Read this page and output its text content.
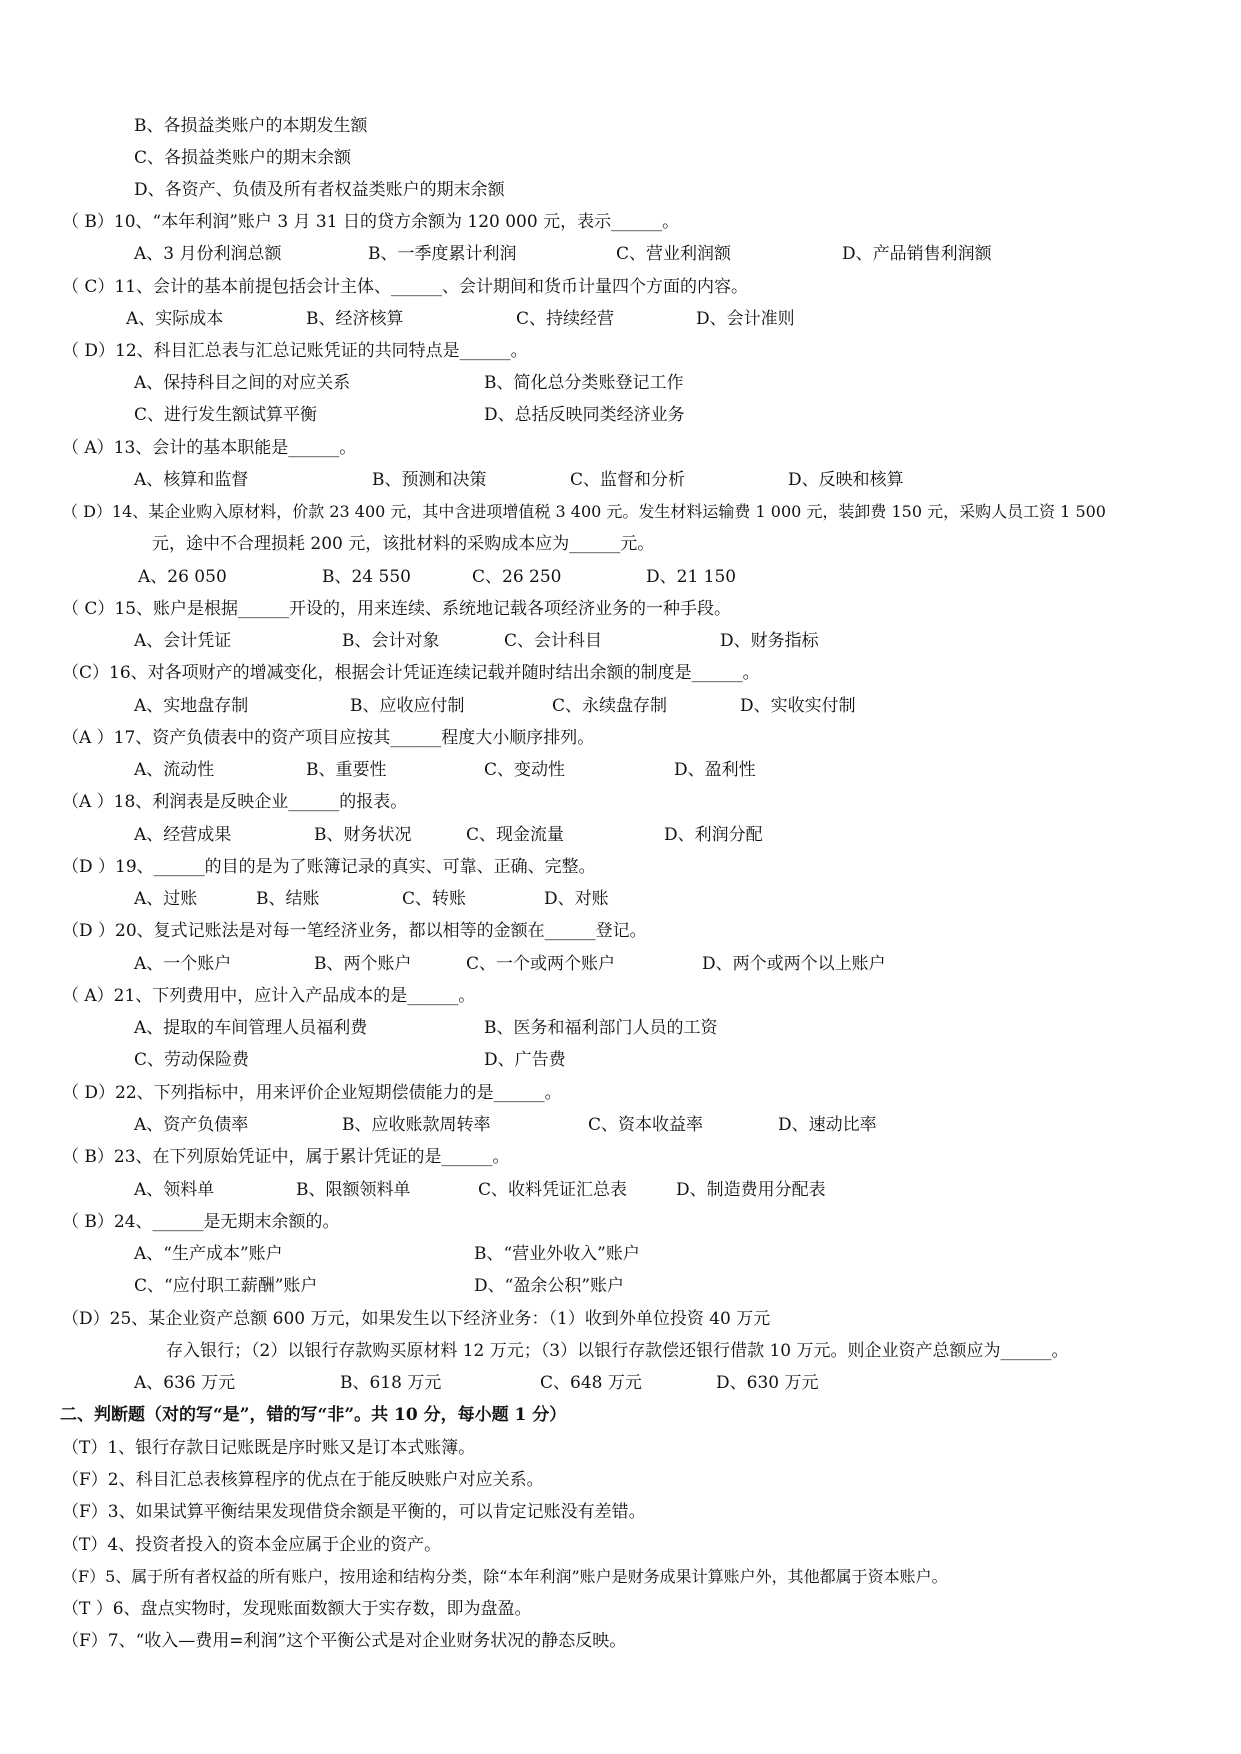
B、各损益类账户的本期发生额
C、各损益类账户的期末余额
D、各资产、负债及所有者权益类账户的期末余额
（ B）10、“本年利润”账户 3 月 31 日的贷方余额为 120 000 元，表示______。
A、3 月份利润总额	B、一季度累计利润	C、营业利润额	D、产品销售利润额
（ C）11、会计的基本前提包括会计主体、______、会计期间和货币计量四个方面的内容。
A、实际成本	B、经济核算	C、持续经营	D、会计准则
（ D）12、科目汇总表与汇总记账凭证的共同特点是______。
A、保持科目之间的对应关系	B、简化总分类账登记工作
C、进行发生额试算平衡	D、总括反映同类经济业务
（ A）13、会计的基本职能是______。
A、核算和监督	B、预测和决策	C、监督和分析	D、反映和核算
（ D）14、某企业购入原材料，价款 23 400 元，其中含进项增值税 3 400 元。发生材料运输费 1 000 元，装卸费 150 元，采购人员工资 1 500
元，途中不合理损耗 200 元，该批材料的采购成本应为______元。
A、26 050	B、24 550	C、26 250	D、21 150
（ C）15、账户是根据______开设的，用来连续、系统地记载各项经济业务的一种手段。
A、会计凭证	B、会计对象	C、会计科目	D、财务指标
（C）16、对各项财产的增减变化，根据会计凭证连续记载并随时结出余额的制度是______。
A、实地盘存制	B、应收应付制	C、永续盘存制	D、实收实付制
（A ）17、资产负债表中的资产项目应按其______程度大小顺序排列。
A、流动性	B、重要性	C、变动性	D、盈利性
（A ）18、利润表是反映企业______的报表。
A、经营成果	B、财务状况	C、现金流量	D、利润分配
（D ）19、______的目的是为了账簿记录的真实、可靠、正确、完整。
A、过账	B、结账	C、转账	D、对账
（D ）20、复式记账法是对每一笔经济业务，都以相等的金额在______登记。
A、一个账户	B、两个账户	C、一个或两个账户	D、两个或两个以上账户
（ A）21、下列费用中，应计入产品成本的是______。
A、提取的车间管理人员福利费	B、医务和福利部门人员的工资
C、劳动保险费	D、广告费
（ D）22、下列指标中，用来评价企业短期偿债能力的是______。
A、资产负债率	B、应收账款周转率	C、资本收益率	D、速动比率
（ B）23、在下列原始凭证中，属于累计凭证的是______。
A、领料单	B、限额领料单	C、收料凭证汇总表	D、制造费用分配表
（ B）24、______是无期末余额的。
A、“生产成本”账户	B、“营业外收入”账户
C、“应付职工薪酬”账户	D、“盈余公积”账户
（D）25、某企业资产总额 600 万元，如果发生以下经济业务：（1）收到外单位投资 40 万元
存入银行；（2）以银行存款购买原材料 12 万元；（3）以银行存款偿还银行借款 10 万元。则企业资产总额应为______。
A、636 万元	B、618 万元	C、648 万元	D、630 万元
二、判断题（对的写“是”，错的写“非”。共 10 分，每小题 1 分）
（T）1、银行存款日记账既是序时账又是订本式账簿。
（F）2、科目汇总表核算程序的优点在于能反映账户对应关系。
（F）3、如果试算平衡结果发现借贷余额是平衡的，可以肯定记账没有差错。
（T）4、投资者投入的资本金应属于企业的资产。
（F）5、属于所有者权益的所有账户，按用途和结构分类，除“本年利润”账户是财务成果计算账户外，其他都属于资本账户。
（T ）6、盘点实物时，发现账面数额大于实存数，即为盘盈。
（F）7、“收入—费用=利润”这个平衡公式是对企业财务状况的静态反映。
